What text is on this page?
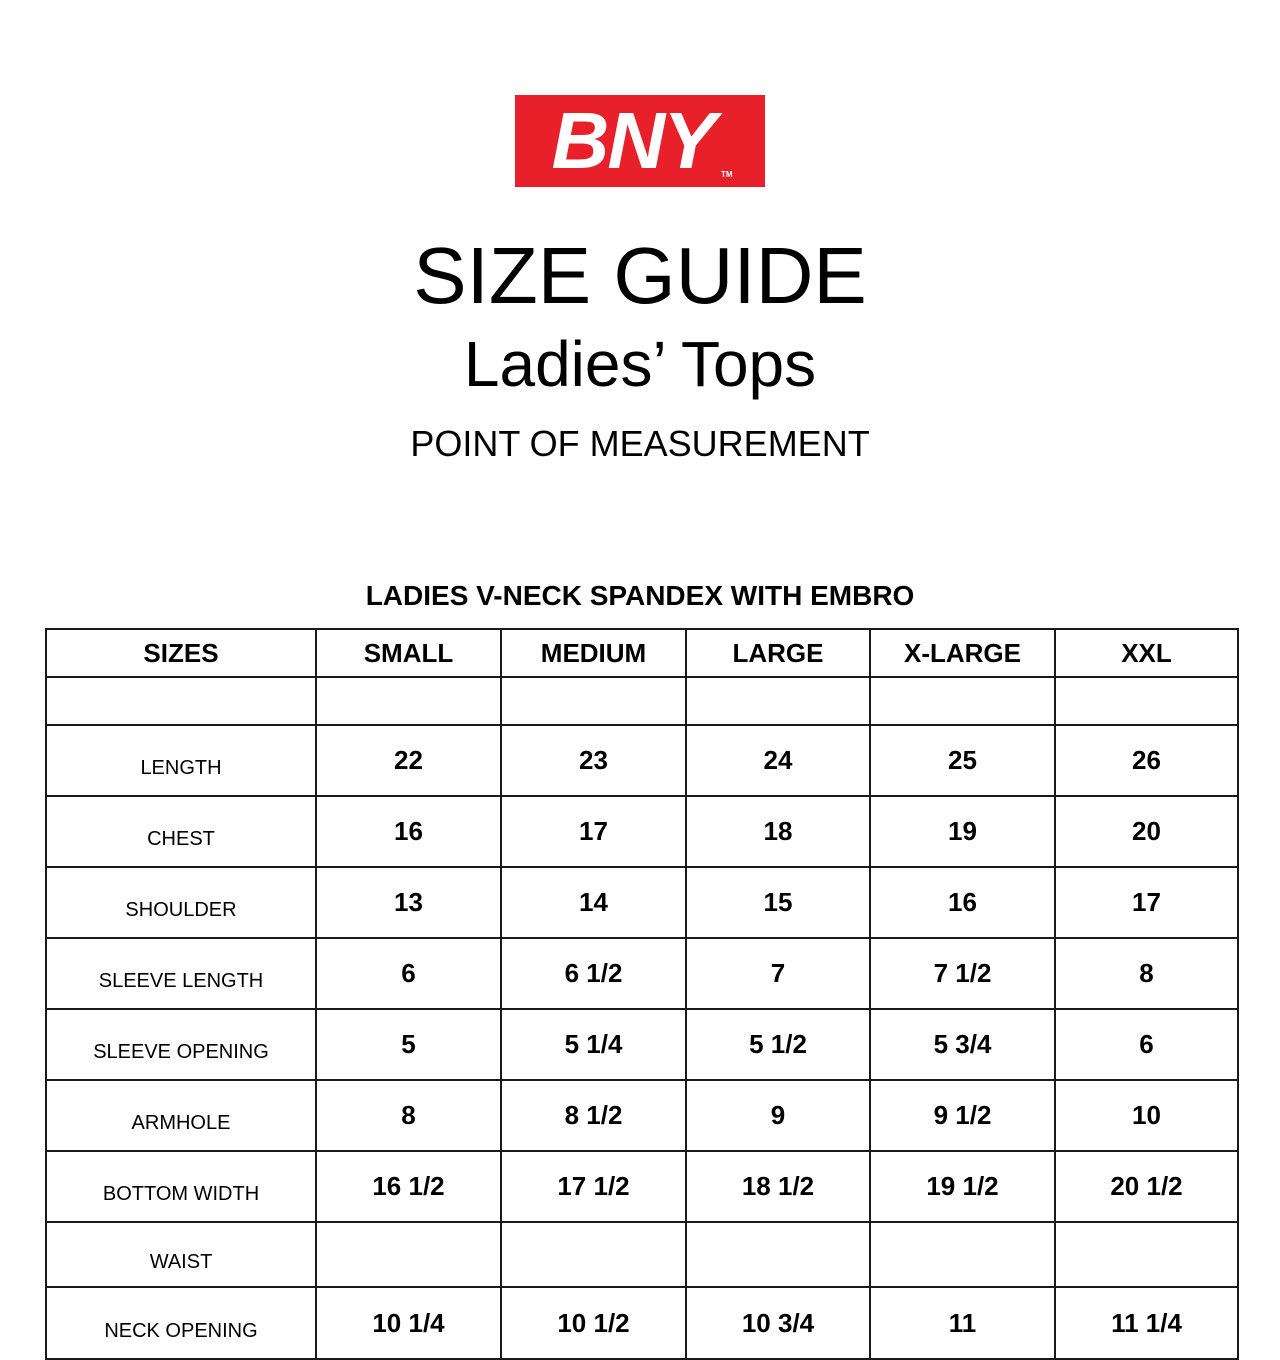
BNY TM
SIZE GUIDE
Ladies’ Tops
POINT OF MEASUREMENT
LADIES V-NECK SPANDEX WITH EMBRO
SIZES	SMALL	MEDIUM	LARGE	X-LARGE	XXL

LENGTH	22	23	24	25	26
CHEST	16	17	18	19	20
SHOULDER	13	14	15	16	17
SLEEVE LENGTH	6	6 1/2	7	7 1/2	8
SLEEVE OPENING	5	5 1/4	5 1/2	5 3/4	6
ARMHOLE	8	8 1/2	9	9 1/2	10
BOTTOM WIDTH	16 1/2	17 1/2	18 1/2	19 1/2	20 1/2
WAIST					
NECK OPENING	10 1/4	10 1/2	10 3/4	11	11 1/4
